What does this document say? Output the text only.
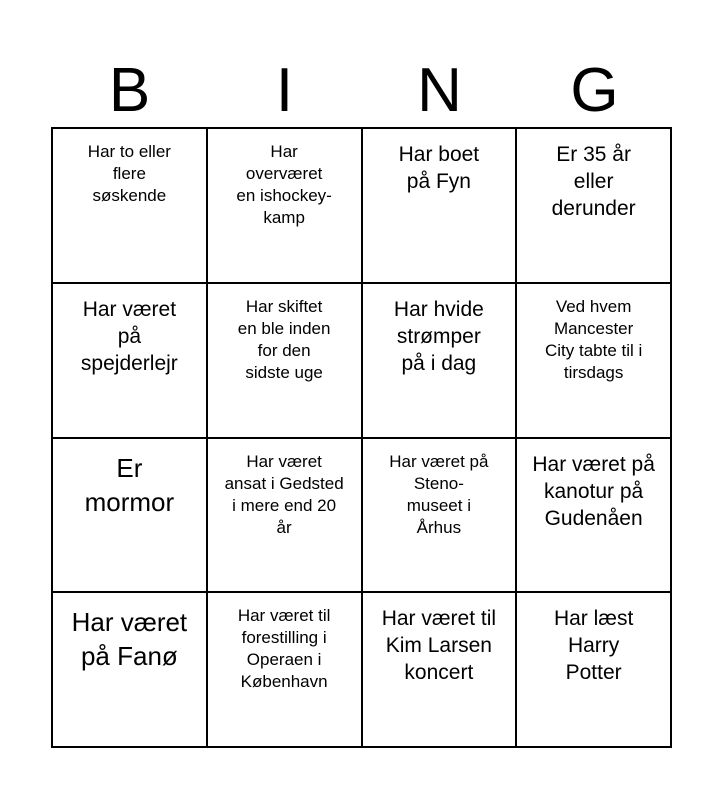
B	I	N	G
Har to eller
flere
søskende
Har
overværet
en ishockey-
kamp
Har boet
på Fyn
Er 35 år
eller
derunder
Har været
på
spejderlejr
Har skiftet
en ble inden
for den
sidste uge
Har hvide
strømper
på i dag
Ved hvem
Mancester
City tabte til i
tirsdags
Er
mormor
Har været
ansat i Gedsted
i mere end 20
år
Har været på
Steno-
museet i
Århus
Har været på
kanotur på
Gudenåen
Har været
på Fanø
Har været til
forestilling i
Operaen i
København
Har været til
Kim Larsen
koncert
Har læst
Harry
Potter
